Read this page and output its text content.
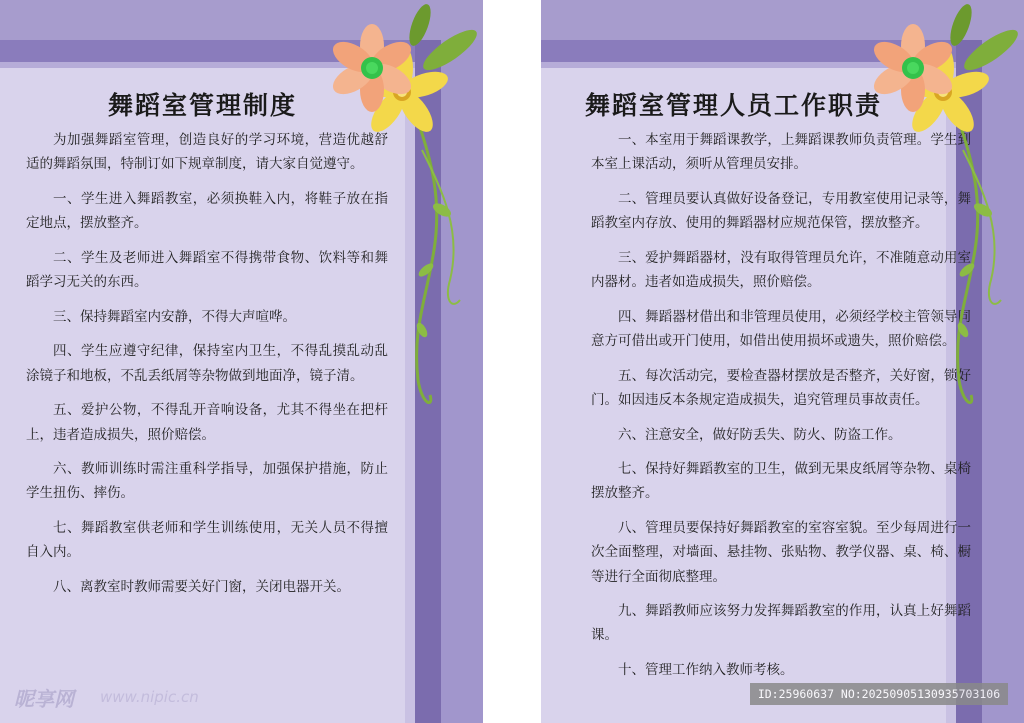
舞蹈室管理制度

为加强舞蹈室管理，创造良好的学习环境，营造优越舒适的舞蹈氛围，特制订如下规章制度，请大家自觉遵守。

一、学生进入舞蹈教室，必须换鞋入内，将鞋子放在指定地点，摆放整齐。

二、学生及老师进入舞蹈室不得携带食物、饮料等和舞蹈学习无关的东西。

三、保持舞蹈室内安静，不得大声喧哗。

四、学生应遵守纪律，保持室内卫生，不得乱摸乱动乱涂镜子和地板，不乱丢纸屑等杂物做到地面净，镜子清。

五、爱护公物，不得乱开音响设备，尤其不得坐在把杆上，违者造成损失，照价赔偿。

六、教师训练时需注重科学指导，加强保护措施，防止学生扭伤、摔伤。

七、舞蹈教室供老师和学生训练使用，无关人员不得擅自入内。

八、离教室时教师需要关好门窗，关闭电器开关。

昵享网 www.nipic.cn
舞蹈室管理人员工作职责

一、本室用于舞蹈课教学，上舞蹈课教师负责管理。学生到本室上课活动，须听从管理员安排。

二、管理员要认真做好设备登记，专用教室使用记录等，舞蹈教室内存放、使用的舞蹈器材应规范保管，摆放整齐。

三、爱护舞蹈器材，没有取得管理员允许，不准随意动用室内器材。违者如造成损失，照价赔偿。

四、舞蹈器材借出和非管理员使用，必须经学校主管领导同意方可借出或开门使用，如借出使用损坏或遗失，照价赔偿。

五、每次活动完，要检查器材摆放是否整齐，关好窗，锁好门。如因违反本条规定造成损失，追究管理员事故责任。

六、注意安全，做好防丢失、防火、防盗工作。

七、保持好舞蹈教室的卫生，做到无果皮纸屑等杂物、桌椅摆放整齐。

八、管理员要保持好舞蹈教室的室容室貌。至少每周进行一次全面整理，对墙面、悬挂物、张贴物、教学仪器、桌、椅、橱等进行全面彻底整理。

九、舞蹈教师应该努力发挥舞蹈教室的作用，认真上好舞蹈课。

十、管理工作纳入教师考核。

ID:25960637 NO:20250905130935703106
